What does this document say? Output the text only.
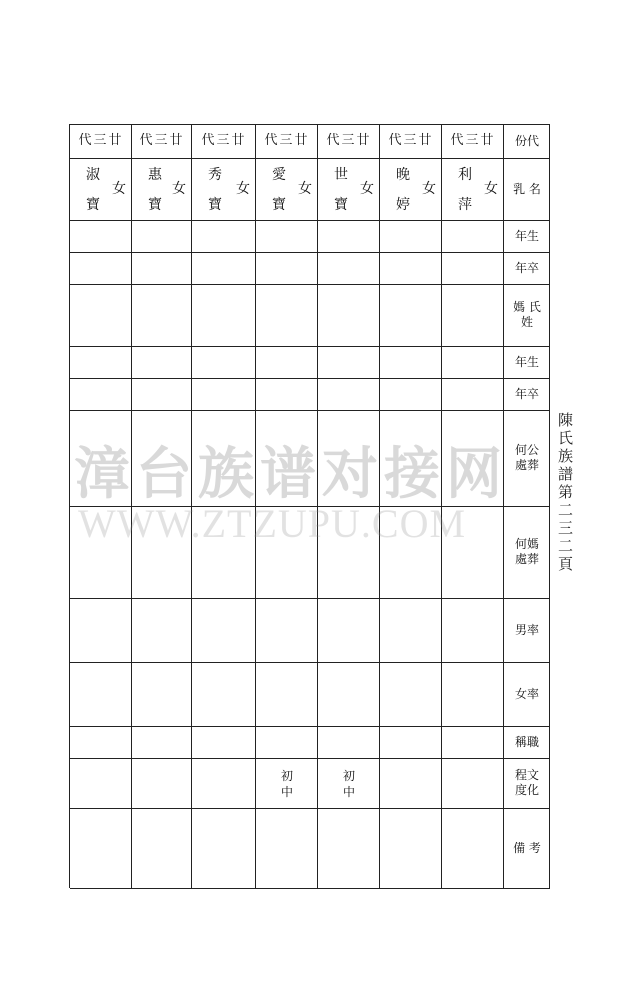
代三廿
淑
女
寶
代三廿
惠
女
寶
代三廿
秀
女
寶
代三廿
愛
女
寶
初中
代三廿
世
女
寶
初中
代三廿
晚
女
婷
代三廿
利
女
萍
份代
乳 名
年生
年卒
媽 氏姓
年生
年卒
何公 處葬
何媽 處葬
男率
女率
稱職
程文 度化
備 考
陳氏族譜第二三二頁
漳台族谱对接网
WWW.ZTZUPU.COM
